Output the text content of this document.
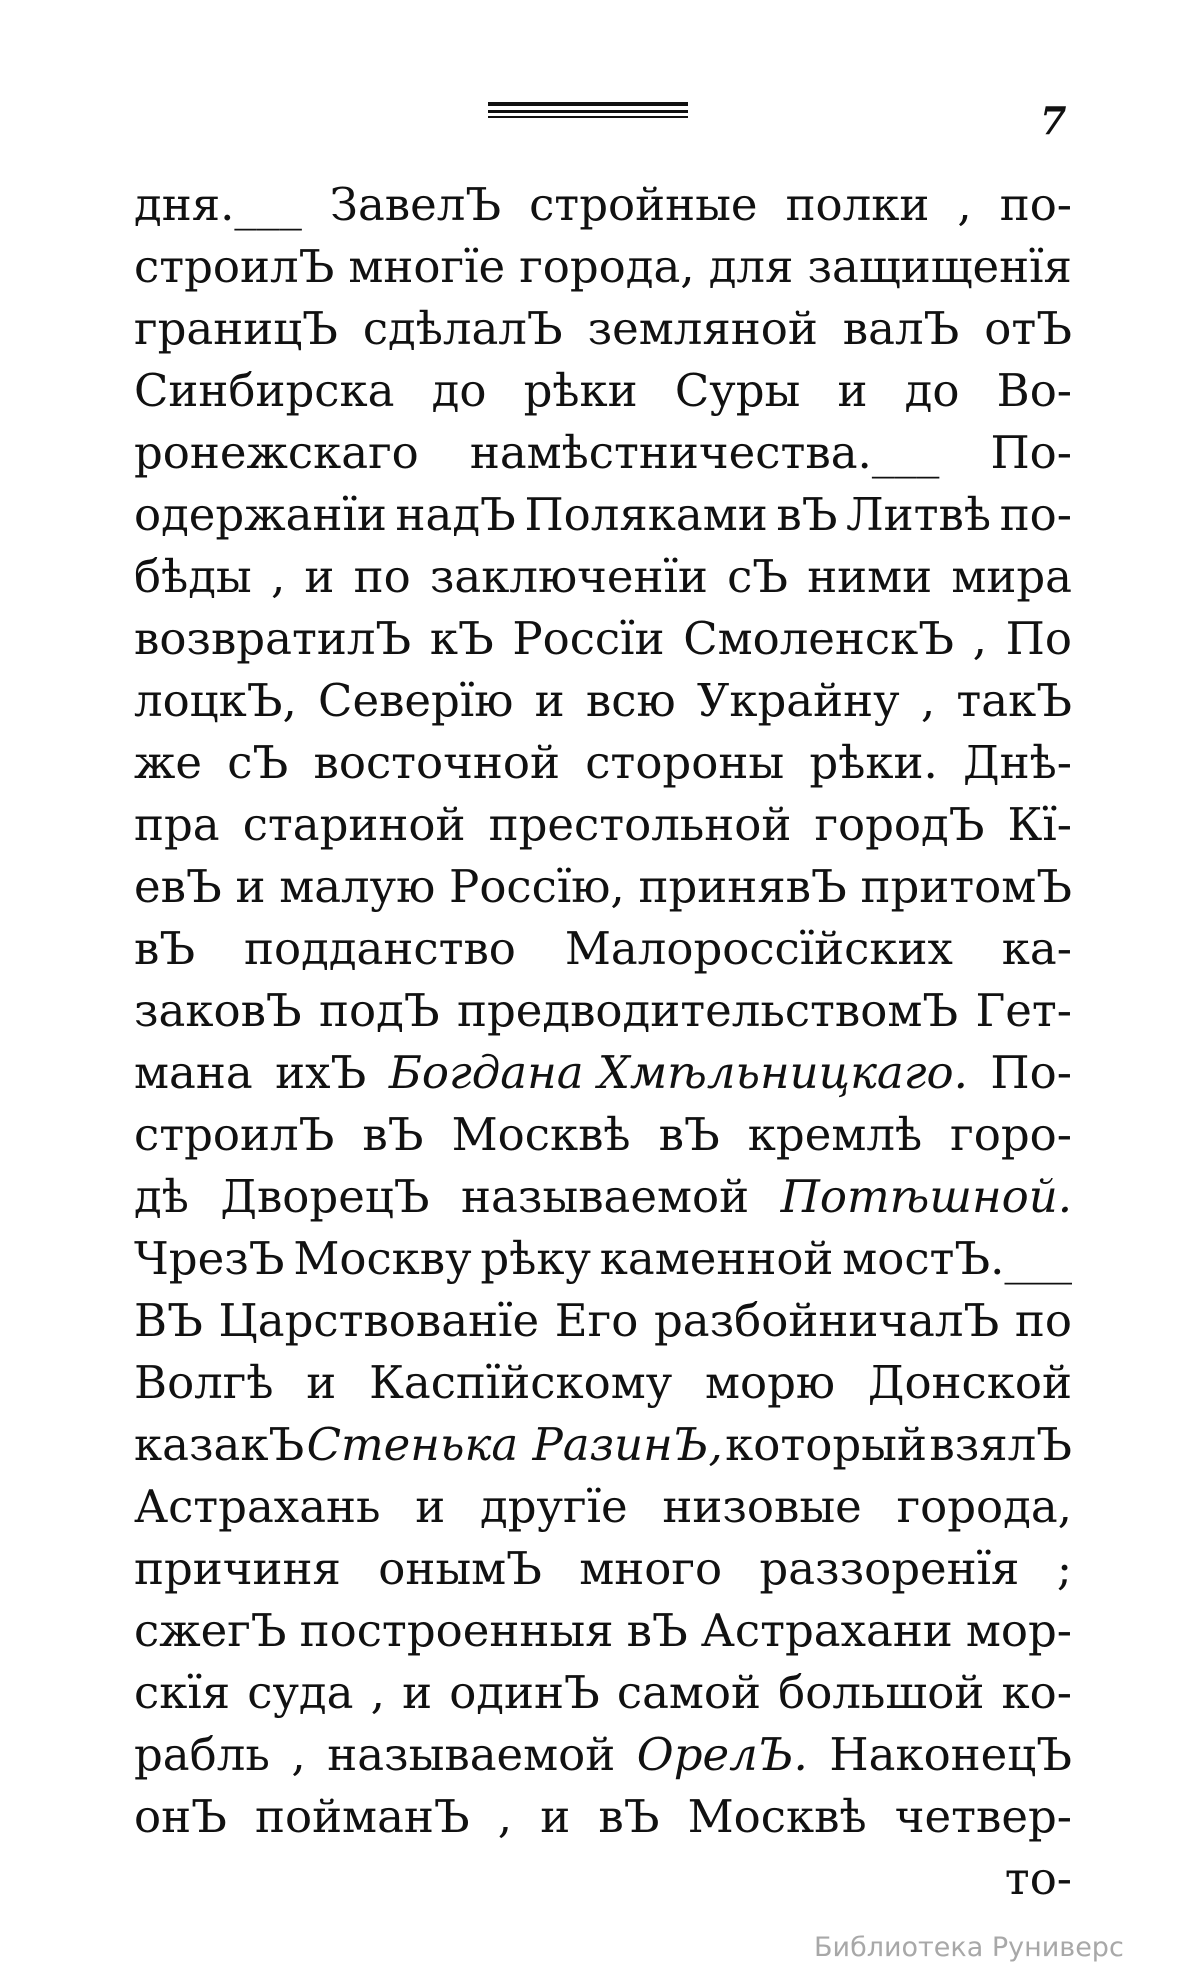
7
дня.___ ЗавелЪ стройные полки , по-
строилЪ многїе города, для защищенїя
границЪ сдѣлалЪ земляной валЪ отЪ
Синбирска до рѣки Суры и до Во-
ронежскаго намѣстничества.___ По-
одержанїи надЪ Поляками вЪ Литвѣ по-
бѣды , и по заключенїи сЪ ними мира
возвратилЪ кЪ Россїи СмоленскЪ , По
лоцкЪ, Северїю и всю Украйну , такЪ
же сЪ восточной стороны рѣки. Днѣ-
пра стариной престольной городЪ Кї-
евЪ и малую Россїю, принявЪ притомЪ
вЪ подданство Малороссїйских ка-
заковЪ подЪ предводительствомЪ Гет-
мана ихЪ Богдана Хмѣльницкаго. По-
строилЪ вЪ Москвѣ вЪ кремлѣ горо-
дѣ ДворецЪ называемой Потѣшной.
ЧрезЪ Москву рѣку каменной мостЪ.___
ВЪ Царствованїе Его разбойничалЪ по
Волгѣ и Каспїйскому морю Донской
казакЪ Стенька РазинЪ, который взялЪ
Астрахань и другїе низовые города,
причиня онымЪ много раззоренїя ;
сжегЪ построенныя вЪ Астрахани мор-
скїя суда , и одинЪ самой большой ко-
рабль , называемой ОрелЪ. НаконецЪ
онЪ пойманЪ , и вЪ Москвѣ четвер-
то-
Библиотека Руниверс
